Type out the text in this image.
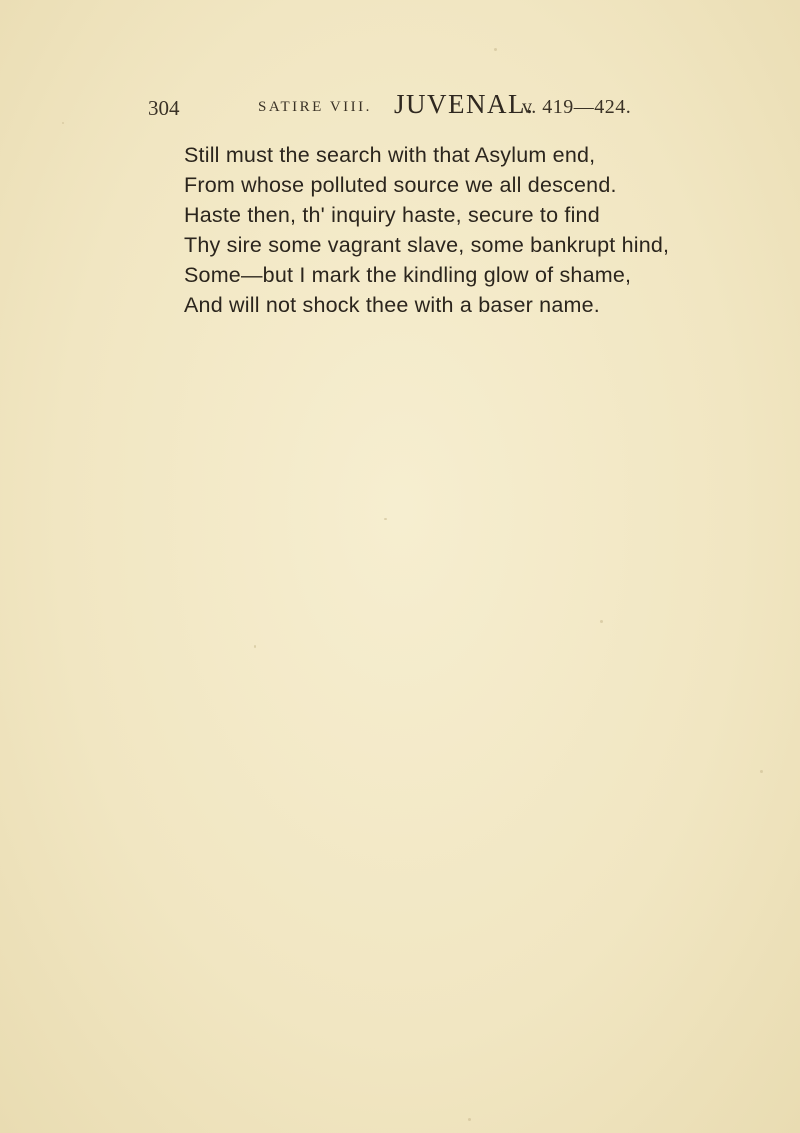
304	SATIRE VIII. JUVENAL.
v. 419—424.
Still must the search with that Asylum end,
From whose polluted source we all descend.
Haste then, th' inquiry haste, secure to find
Thy sire some vagrant slave, some bankrupt hind,
Some—but I mark the kindling glow of shame,
And will not shock thee with a baser name.
